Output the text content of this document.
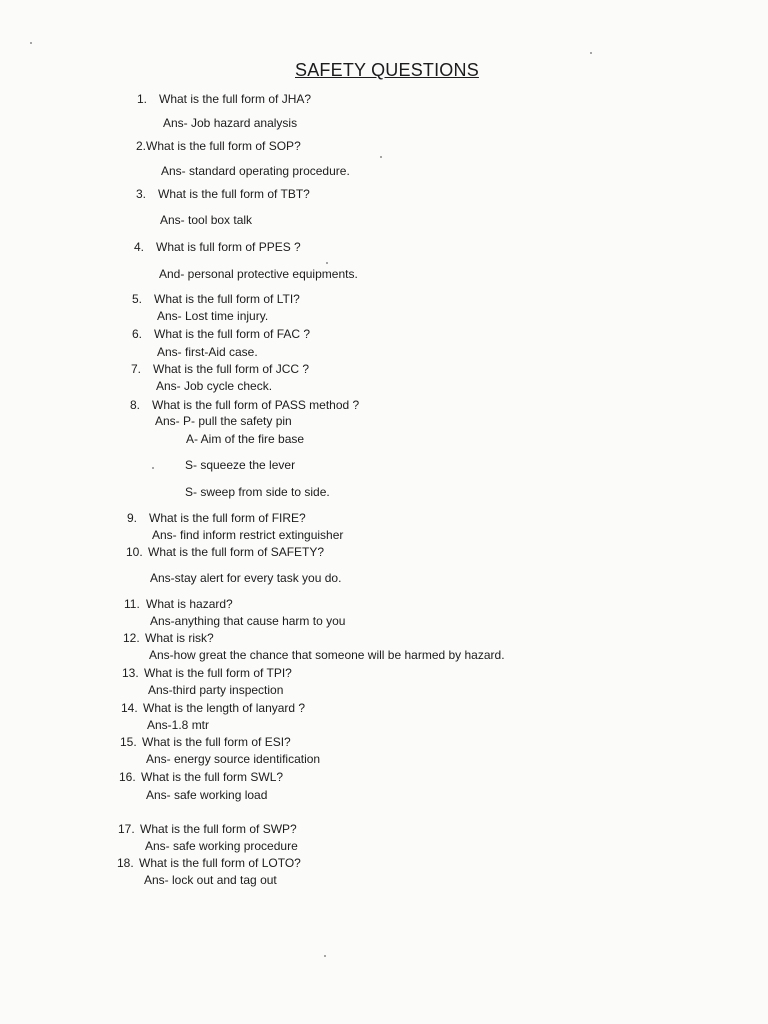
SAFETY QUESTIONS
1. What is the full form of JHA?
Ans- Job hazard analysis
2.What is the full form of SOP?
Ans- standard operating procedure.
3. What is the full form of TBT?
Ans- tool box talk
4. What is full form of PPES ?
And- personal protective equipments.
5. What is the full form of LTI?
Ans- Lost time injury.
6. What is the full form of FAC ?
Ans- first-Aid case.
7. What is the full form of JCC ?
Ans- Job cycle check.
8. What is the full form of PASS method ?
Ans- P- pull the safety pin
A- Aim of the fire base
S- squeeze the lever
S- sweep from side to side.
9. What is the full form of FIRE?
Ans- find inform restrict extinguisher
10. What is the full form of SAFETY?
Ans-stay alert for every task you do.
11. What is hazard?
Ans-anything that cause harm to you
12. What is risk?
Ans-how great the chance that someone will be harmed by hazard.
13. What is the full form of TPI?
Ans-third party inspection
14. What is the length of lanyard ?
Ans-1.8 mtr
15. What is the full form of ESI?
Ans- energy source identification
16. What is the full form SWL?
Ans- safe working load
17. What is the full form of SWP?
Ans- safe working procedure
18. What is the full form of LOTO?
Ans- lock out and tag out
